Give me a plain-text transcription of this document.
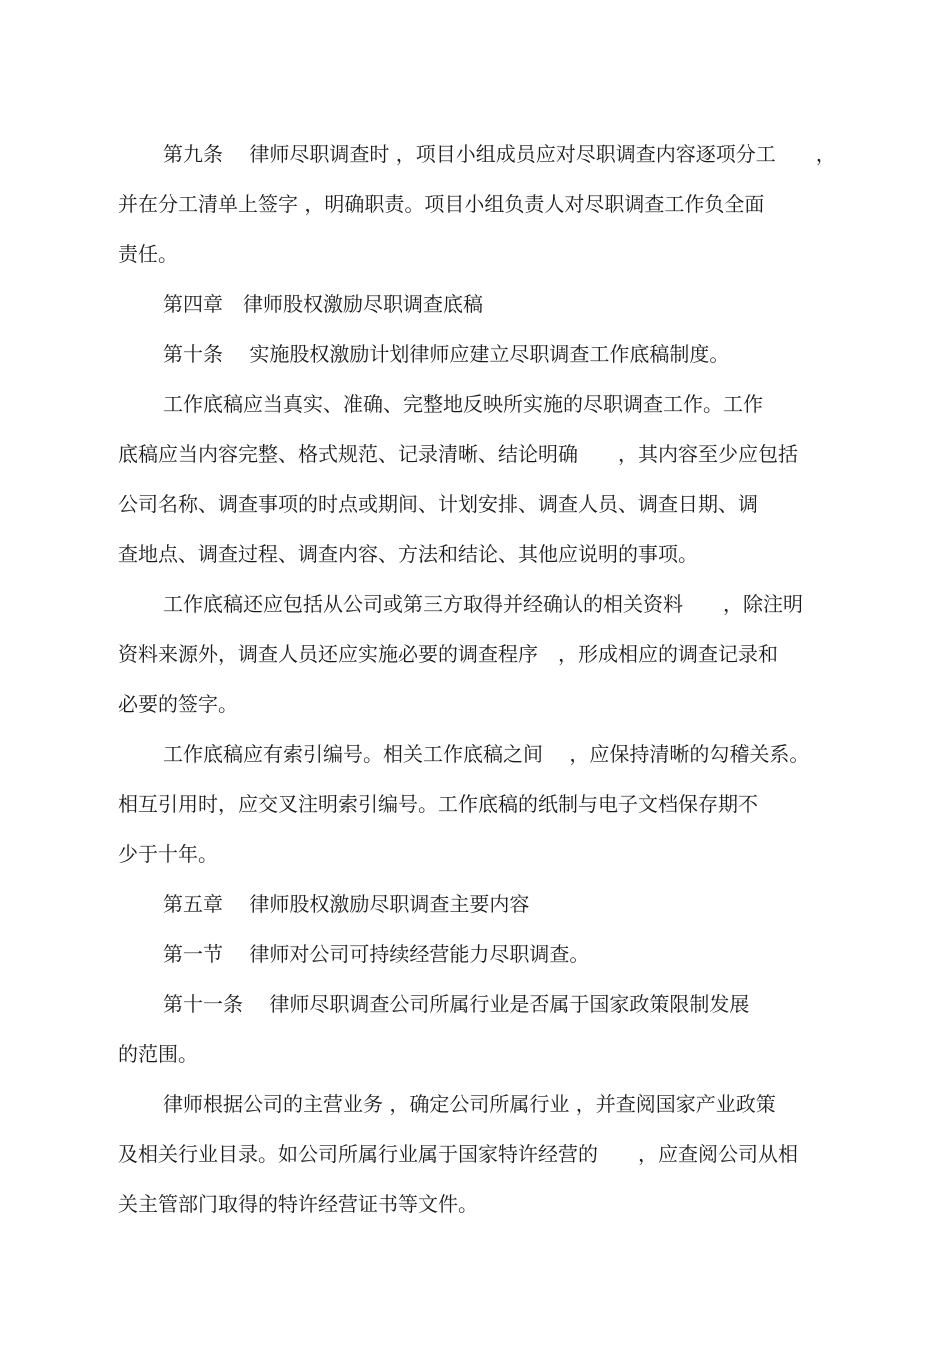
第九条　 律师尽职调查时 ，项目小组成员应对尽职调查内容逐项分工　　，
并在分工清单上签字 ，明确职责。项目小组负责人对尽职调查工作负全面
责任。
第四章　律师股权激励尽职调查底稿
第十条　 实施股权激励计划律师应建立尽职调查工作底稿制度。
工作底稿应当真实、准确、完整地反映所实施的尽职调查工作。工作
底稿应当内容完整、格式规范、记录清晰、结论明确　　，其内容至少应包括
公司名称、调查事项的时点或期间、计划安排、调查人员、调查日期、调
查地点、调查过程、调查内容、方法和结论、其他应说明的事项。
工作底稿还应包括从公司或第三方取得并经确认的相关资料　　，除注明
资料来源外，调查人员还应实施必要的调查程序　，形成相应的调查记录和
必要的签字。
工作底稿应有索引编号。相关工作底稿之间　 ，应保持清晰的勾稽关系。
相互引用时，应交叉注明索引编号。工作底稿的纸制与电子文档保存期不
少于十年。
第五章　 律师股权激励尽职调查主要内容
第一节　 律师对公司可持续经营能力尽职调查。
第十一条　 律师尽职调查公司所属行业是否属于国家政策限制发展
的范围。
律师根据公司的主营业务 ，确定公司所属行业 ，并查阅国家产业政策
及相关行业目录。如公司所属行业属于国家特许经营的　　，应查阅公司从相
关主管部门取得的特许经营证书等文件。
